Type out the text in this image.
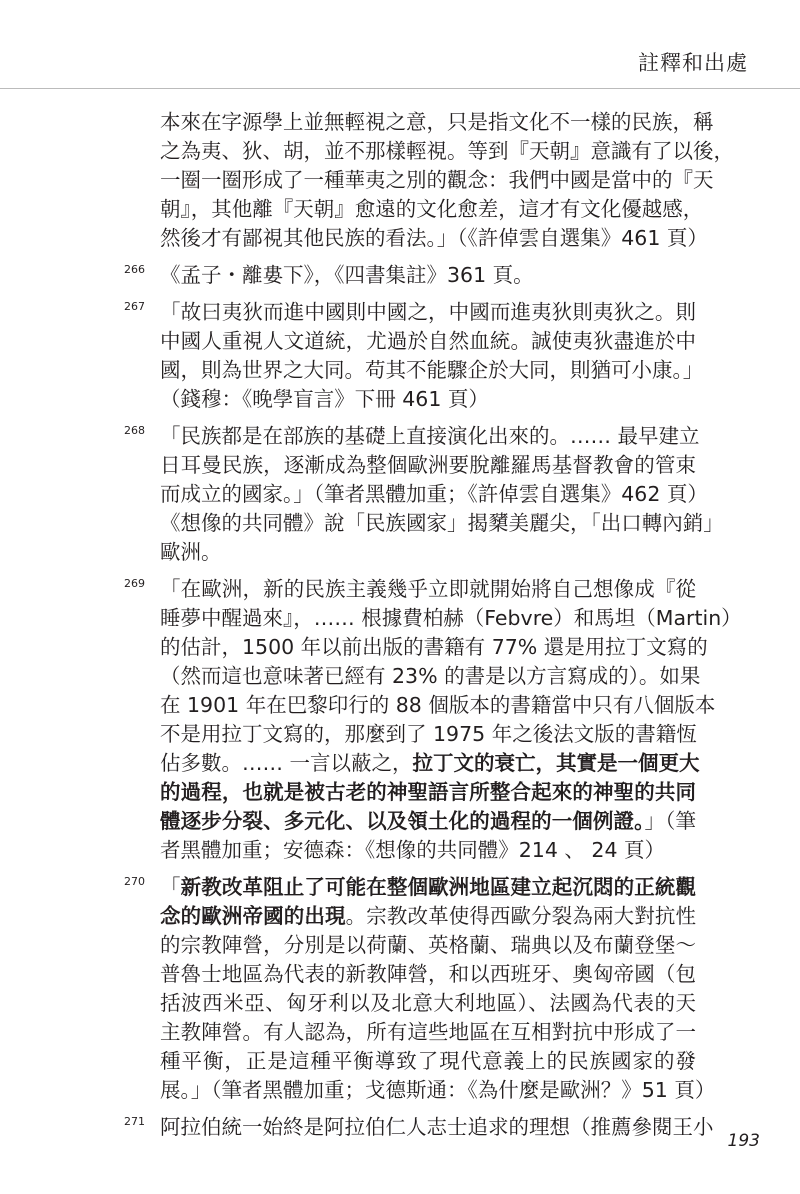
註釋和出處
本來在字源學上並無輕視之意，只是指文化不一樣的民族，稱
之為夷、狄、胡，並不那樣輕視。等到『天朝』意識有了以後，
一圈一圈形成了一種華夷之別的觀念：我們中國是當中的『天
朝』，其他離『天朝』愈遠的文化愈差，這才有文化優越感，
然後才有鄙視其他民族的看法。」（《許倬雲自選集》461 頁）
266 《孟子・離婁下》，《四書集註》361 頁。
267 「故曰夷狄而進中國則中國之，中國而進夷狄則夷狄之。則
中國人重視人文道統，尤過於自然血統。誠使夷狄盡進於中
國，則為世界之大同。苟其不能驟企於大同，則猶可小康。」
（錢穆：《晚學盲言》下冊 461 頁）
268 「民族都是在部族的基礎上直接演化出來的。…… 最早建立
日耳曼民族，逐漸成為整個歐洲要脫離羅馬基督教會的管束
而成立的國家。」（筆者黑體加重；《許倬雲自選集》462 頁）
《想像的共同體》說「民族國家」揭櫫美麗尖，「出口轉內銷」
歐洲。
269 「在歐洲，新的民族主義幾乎立即就開始將自己想像成『從
睡夢中醒過來』，…… 根據費柏赫（Febvre）和馬坦（Martin）
的估計，1500 年以前出版的書籍有 77% 還是用拉丁文寫的
（然而這也意味著已經有 23% 的書是以方言寫成的）。如果
在 1901 年在巴黎印行的 88 個版本的書籍當中只有八個版本
不是用拉丁文寫的，那麼到了 1975 年之後法文版的書籍恆
佔多數。…… 一言以蔽之，拉丁文的衰亡，其實是一個更大
的過程，也就是被古老的神聖語言所整合起來的神聖的共同
體逐步分裂、多元化、以及領土化的過程的一個例證。」（筆
者黑體加重；安德森：《想像的共同體》214 、 24 頁）
270 「新教改革阻止了可能在整個歐洲地區建立起沉悶的正統觀
念的歐洲帝國的出現。宗教改革使得西歐分裂為兩大對抗性
的宗教陣營，分別是以荷蘭、英格蘭、瑞典以及布蘭登堡～
普魯士地區為代表的新教陣營，和以西班牙、奧匈帝國（包
括波西米亞、匈牙利以及北意大利地區）、法國為代表的天
主教陣營。有人認為，所有這些地區在互相對抗中形成了一
種平衡，正是這種平衡導致了現代意義上的民族國家的發
展。」（筆者黑體加重；戈德斯通：《為什麼是歐洲？》51 頁）
271 阿拉伯統一始終是阿拉伯仁人志士追求的理想（推薦參閱王小
193
